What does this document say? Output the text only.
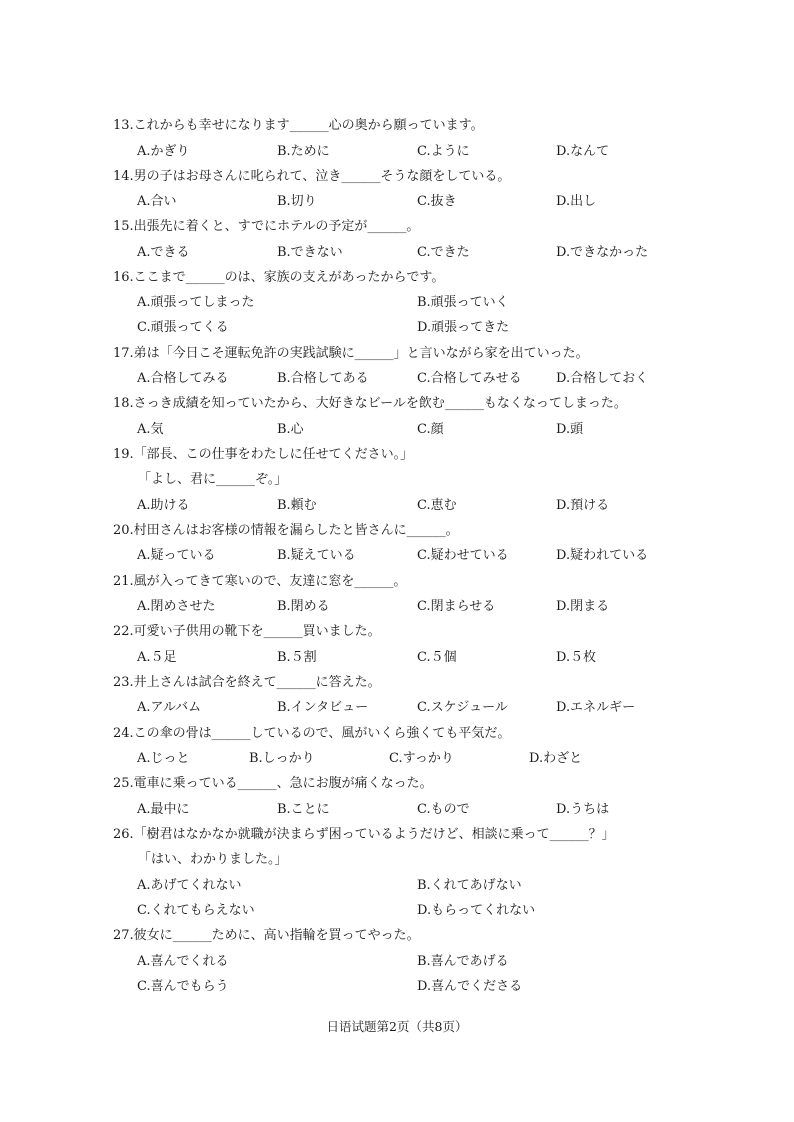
13.これからも幸せになります______心の奥から願っています。
A.かぎり	B.ために	C.ように	D.なんて
14.男の子はお母さんに叱られて、泣き______そうな顔をしている。
A.合い	B.切り	C.抜き	D.出し
15.出張先に着くと、すでにホテルの予定が______。
A.できる	B.できない	C.できた	D.できなかった
16.ここまで______のは、家族の支えがあったからです。
A.頑張ってしまった	B.頑張っていく
C.頑張ってくる	D.頑張ってきた
17.弟は「今日こそ運転免許の実践試験に______」と言いながら家を出ていった。
A.合格してみる	B.合格してある	C.合格してみせる	D.合格しておく
18.さっき成績を知っていたから、大好きなビールを飲む______もなくなってしまった。
A.気	B.心	C.顔	D.頭
19.「部長、この仕事をわたしに任せてください。」
「よし、君に______ぞ。」
A.助ける	B.頼む	C.恵む	D.預ける
20.村田さんはお客様の情報を漏らしたと皆さんに______。
A.疑っている	B.疑えている	C.疑わせている	D.疑われている
21.風が入ってきて寒いので、友達に窓を______。
A.閉めさせた	B.閉める	C.閉まらせる	D.閉まる
22.可愛い子供用の靴下を______買いました。
A.５足	B.５割	C.５個	D.５枚
23.井上さんは試合を終えて______に答えた。
A.アルバム	B.インタビュー	C.スケジュール	D.エネルギー
24.この傘の骨は______しているので、風がいくら強くても平気だ。
A.じっと	B.しっかり	C.すっかり	D.わざと
25.電車に乗っている______、急にお腹が痛くなった。
A.最中に	B.ことに	C.もので	D.うちは
26.「樹君はなかなか就職が決まらず困っているようだけど、相談に乗って______？」
「はい、わかりました。」
A.あげてくれない	B.くれてあげない
C.くれてもらえない	D.もらってくれない
27.彼女に______ために、高い指輪を買ってやった。
A.喜んでくれる	B.喜んであげる
C.喜んでもらう	D.喜んでくださる
日语试题第2页（共8页）
